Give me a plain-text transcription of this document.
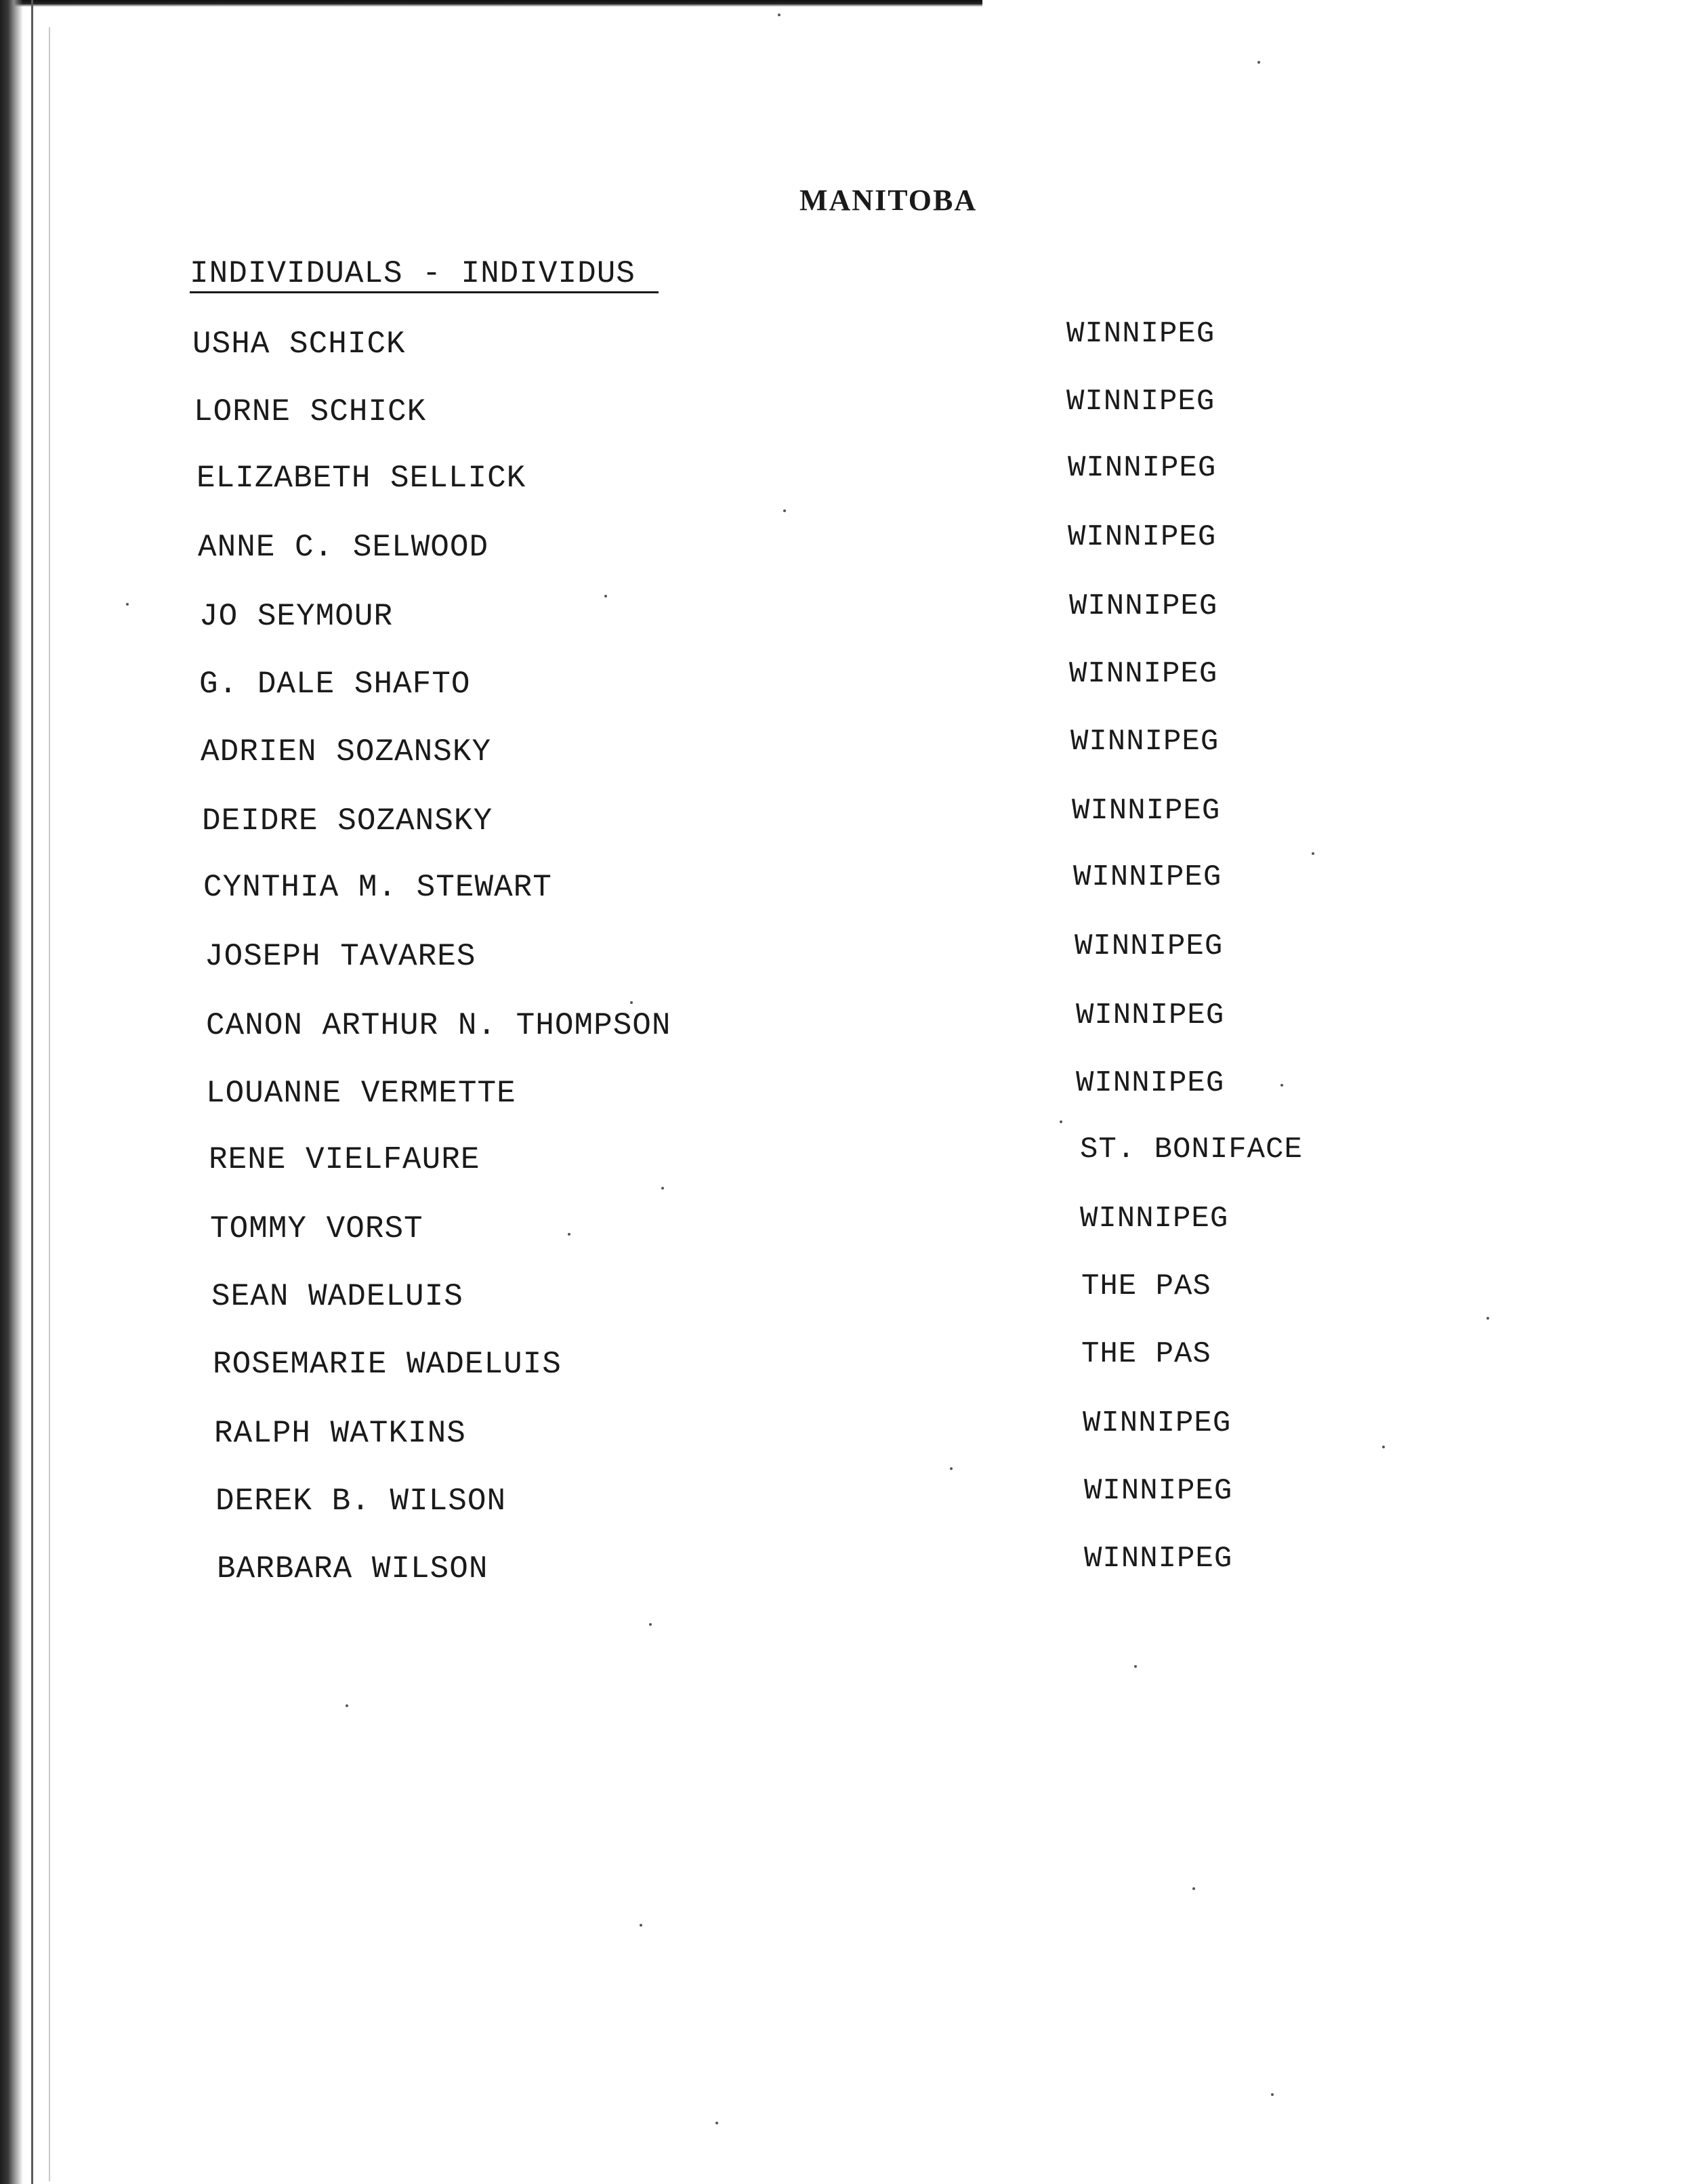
MANITOBA
INDIVIDUALS - INDIVIDUS
USHA SCHICK	WINNIPEG
LORNE SCHICK	WINNIPEG
ELIZABETH SELLICK	WINNIPEG
ANNE C. SELWOOD	WINNIPEG
JO SEYMOUR	WINNIPEG
G. DALE SHAFTO	WINNIPEG
ADRIEN SOZANSKY	WINNIPEG
DEIDRE SOZANSKY	WINNIPEG
CYNTHIA M. STEWART	WINNIPEG
JOSEPH TAVARES	WINNIPEG
CANON ARTHUR N. THOMPSON	WINNIPEG
LOUANNE VERMETTE	WINNIPEG
RENE VIELFAURE	ST. BONIFACE
TOMMY VORST	WINNIPEG
SEAN WADELUIS	THE PAS
ROSEMARIE WADELUIS	THE PAS
RALPH WATKINS	WINNIPEG
DEREK B. WILSON	WINNIPEG
BARBARA WILSON	WINNIPEG
